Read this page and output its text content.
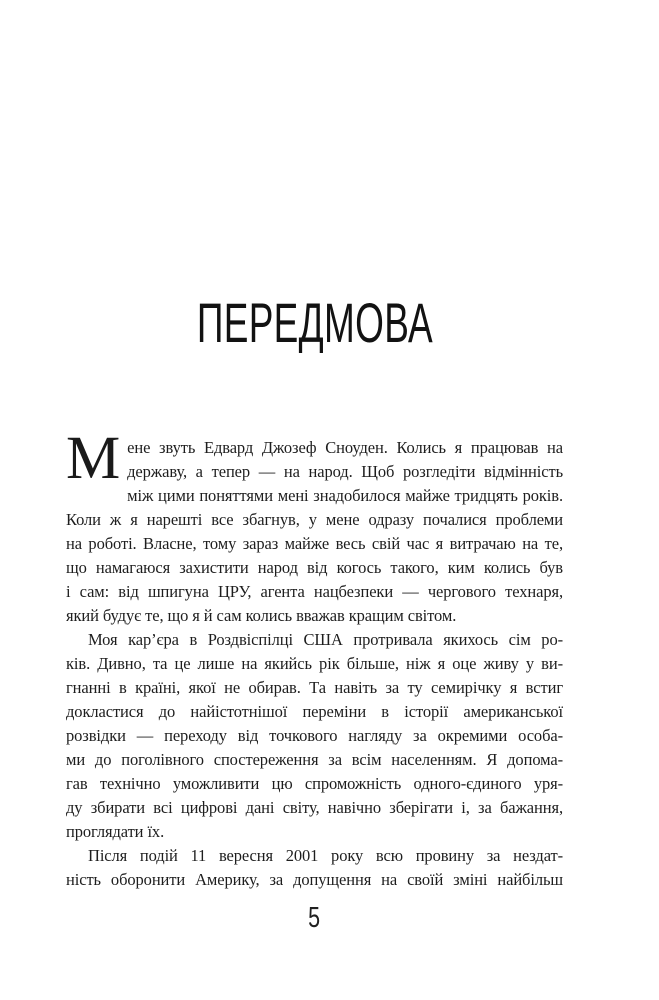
ПЕРЕДМОВА
М ене звуть Едвард Джозеф Сноуден. Колись я працював на
державу, а тепер — на народ. Щоб розгледіти відмінність
між цими поняттями мені знадобилося майже тридцять років.
Коли ж я нарешті все збагнув, у мене одразу почалися проблеми
на роботі. Власне, тому зараз майже весь свій час я витрачаю на те,
що намагаюся захистити народ від когось такого, ким колись був
і сам: від шпигуна ЦРУ, агента нацбезпеки — чергового технаря,
який будує те, що я й сам колись вважав кращим світом.
Моя кар’єра в Роздвіспілці США протривала якихось сім ро-
ків. Дивно, та це лише на якийсь рік більше, ніж я оце живу у ви-
гнанні в країні, якої не обирав. Та навіть за ту семирічку я встиг
докластися до найістотнішої переміни в історії американської
розвідки — переходу від точкового нагляду за окремими особа-
ми до поголівного спостереження за всім населенням. Я допома-
гав технічно уможливити цю спроможність одного-єдиного уря-
ду збирати всі цифрові дані світу, навічно зберігати і, за бажання,
проглядати їх.
Після подій 11 вересня 2001 року всю провину за нездат-
ність оборонити Америку, за допущення на своїй зміні найбільш
5
